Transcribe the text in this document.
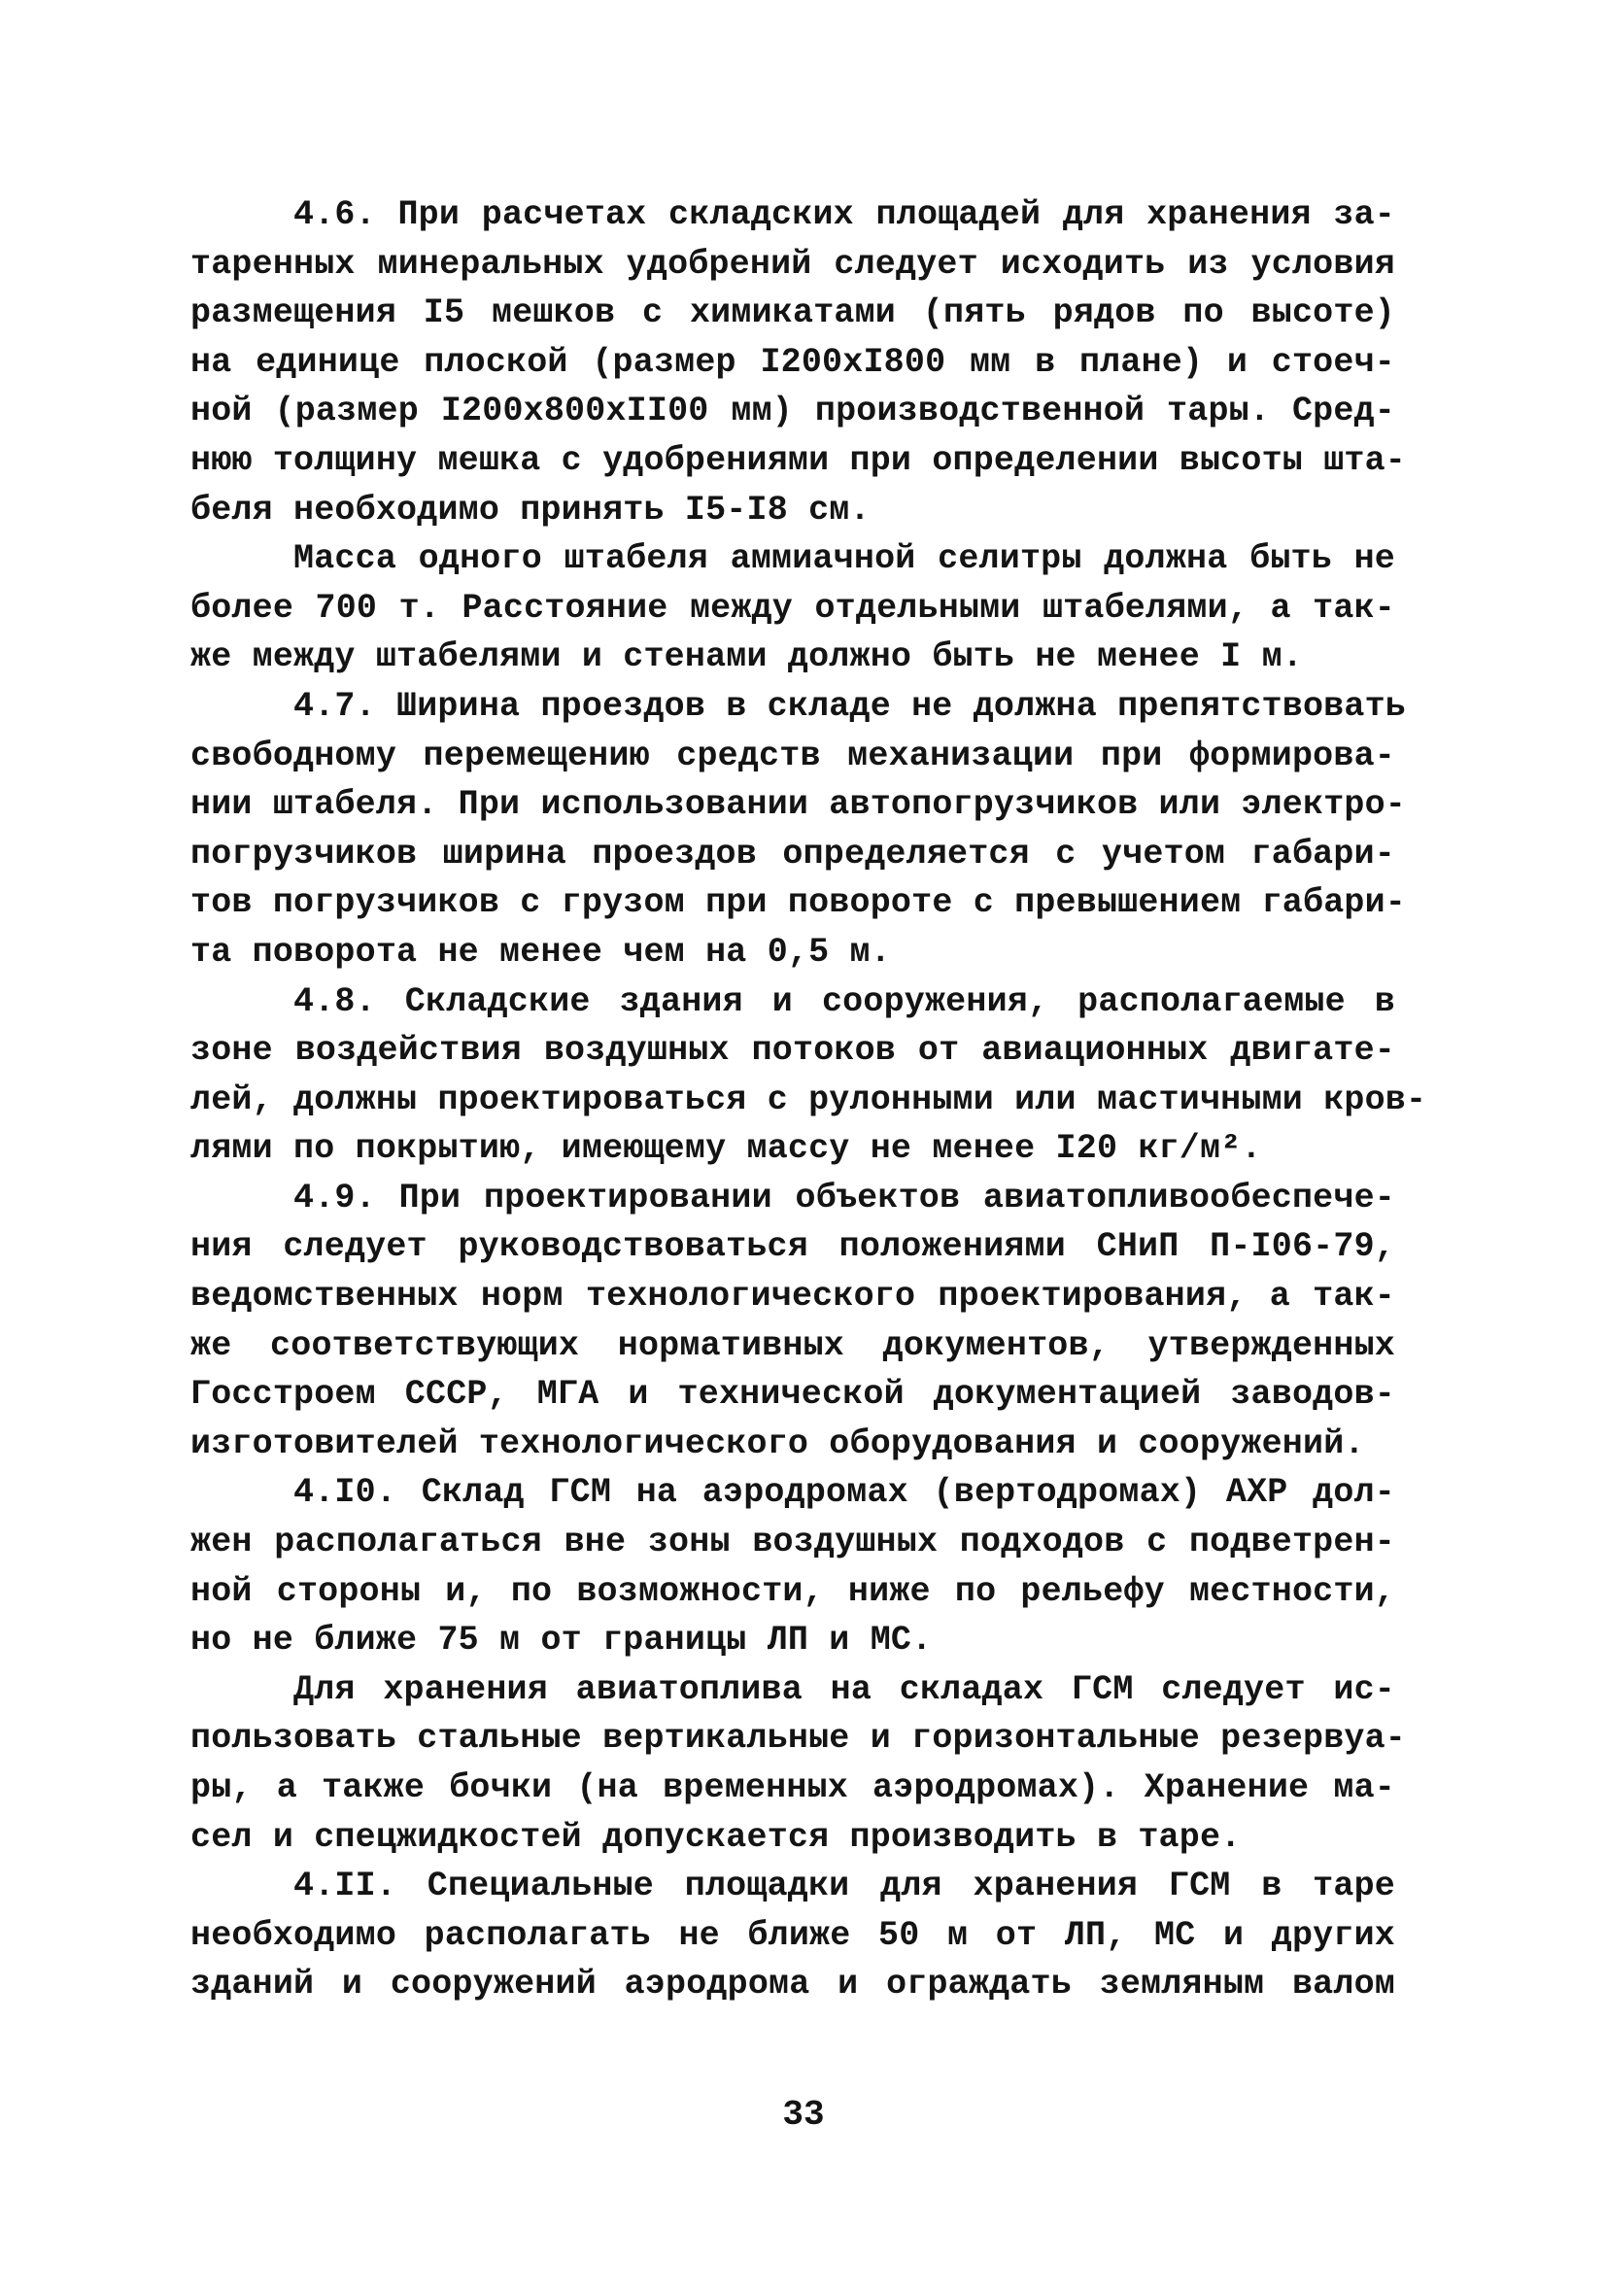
4.6. При расчетах складских площадей для хранения за-
таренных минеральных удобрений следует исходить из условия
размещения I5 мешков с химикатами (пять рядов по высоте)
на единице плоской (размер I200xI800 мм в плане) и стоеч-
ной (размер I200x800xII00 мм) производственной тары. Сред-
нюю толщину мешка с удобрениями при определении высоты шта-
беля необходимо принять I5-I8 см.
Масса одного штабеля аммиачной селитры должна быть не
более 700 т. Расстояние между отдельными штабелями, а так-
же между штабелями и стенами должно быть не менее I м.
4.7. Ширина проездов в складе не должна препятствовать
свободному перемещению средств механизации при формирова-
нии штабеля. При использовании автопогрузчиков или электро-
погрузчиков ширина проездов определяется с учетом габари-
тов погрузчиков с грузом при повороте с превышением габари-
та поворота не менее чем на 0,5 м.
4.8. Складские здания и сооружения, располагаемые в
зоне воздействия воздушных потоков от авиационных двигате-
лей, должны проектироваться с рулонными или мастичными кров-
лями по покрытию, имеющему массу не менее I20 кг/м².
4.9. При проектировании объектов авиатопливообеспече-
ния следует руководствоваться положениями СНиП П-I06-79,
ведомственных норм технологического проектирования, а так-
же соответствующих нормативных документов, утвержденных
Госстроем СССР, МГА и технической документацией заводов-
изготовителей технологического оборудования и сооружений.
4.I0. Склад ГСМ на аэродромах (вертодромах) АХР дол-
жен располагаться вне зоны воздушных подходов с подветрен-
ной стороны и, по возможности, ниже по рельефу местности,
но не ближе 75 м от границы ЛП и МС.
Для хранения авиатоплива на складах ГСМ следует ис-
пользовать стальные вертикальные и горизонтальные резервуа-
ры, а также бочки (на временных аэродромах). Хранение ма-
сел и спецжидкостей допускается производить в таре.
4.II. Специальные площадки для хранения ГСМ в таре
необходимо располагать не ближе 50 м от ЛП, МС и других
зданий и сооружений аэродрома и ограждать земляным валом
33
